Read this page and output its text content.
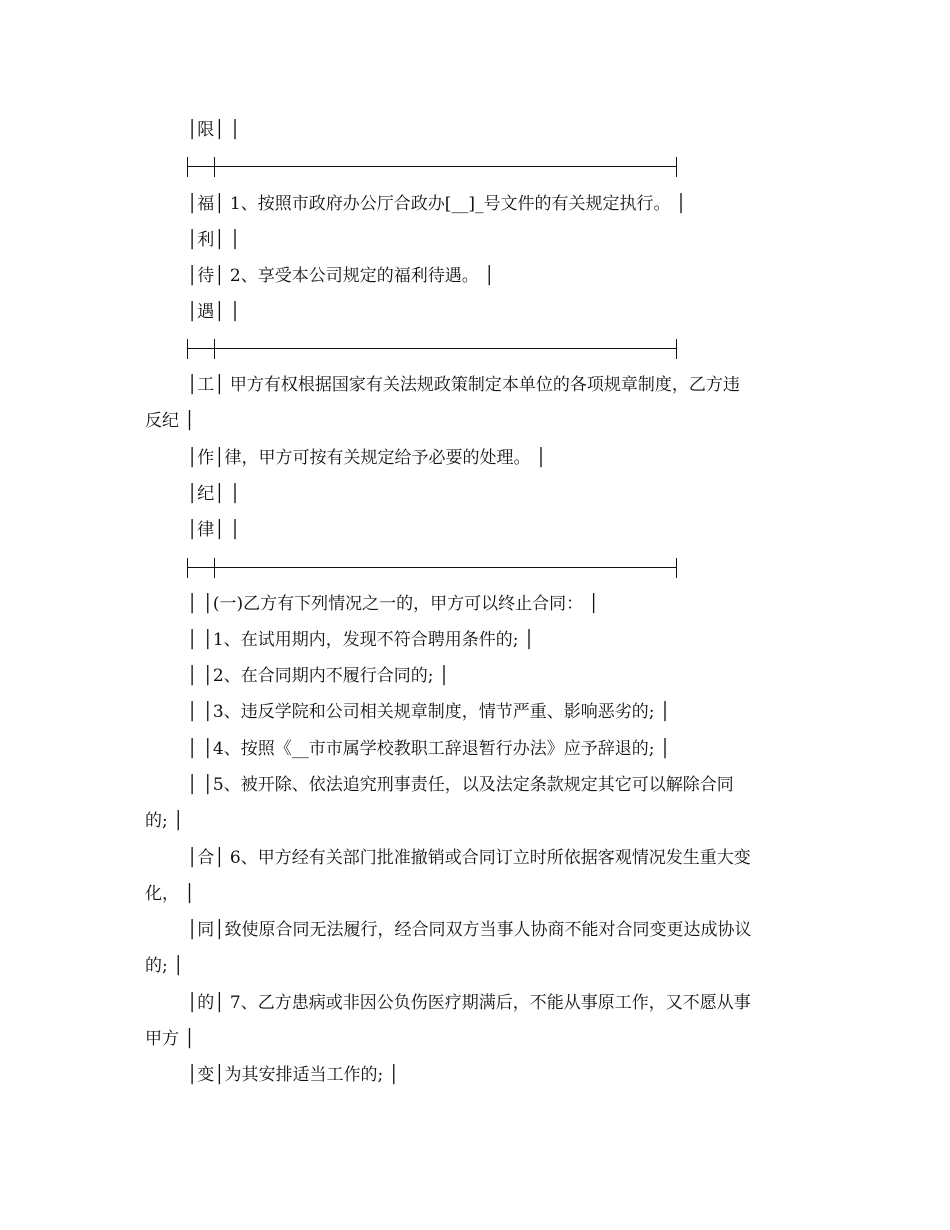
│限│ │
│福│ 1、按照市政府办公厅合政办[__]_号文件的有关规定执行。 │
│利│ │
│待│ 2、享受本公司规定的福利待遇。 │
│遇│ │
│工│ 甲方有权根据国家有关法规政策制定本单位的各项规章制度，乙方违
反纪 │
│作│律，甲方可按有关规定给予必要的处理。 │
│纪│ │
│律│ │
│ │(一)乙方有下列情况之一的，甲方可以终止合同： │
│ │1、在试用期内，发现不符合聘用条件的; │
│ │2、在合同期内不履行合同的; │
│ │3、违反学院和公司相关规章制度，情节严重、影响恶劣的; │
│ │4、按照《__市市属学校教职工辞退暂行办法》应予辞退的; │
│ │5、被开除、依法追究刑事责任，以及法定条款规定其它可以解除合同
的; │
│合│ 6、甲方经有关部门批准撤销或合同订立时所依据客观情况发生重大变
化， │
│同│致使原合同无法履行，经合同双方当事人协商不能对合同变更达成协议
的; │
│的│ 7、乙方患病或非因公负伤医疗期满后，不能从事原工作，又不愿从事
甲方 │
│变│为其安排适当工作的; │
